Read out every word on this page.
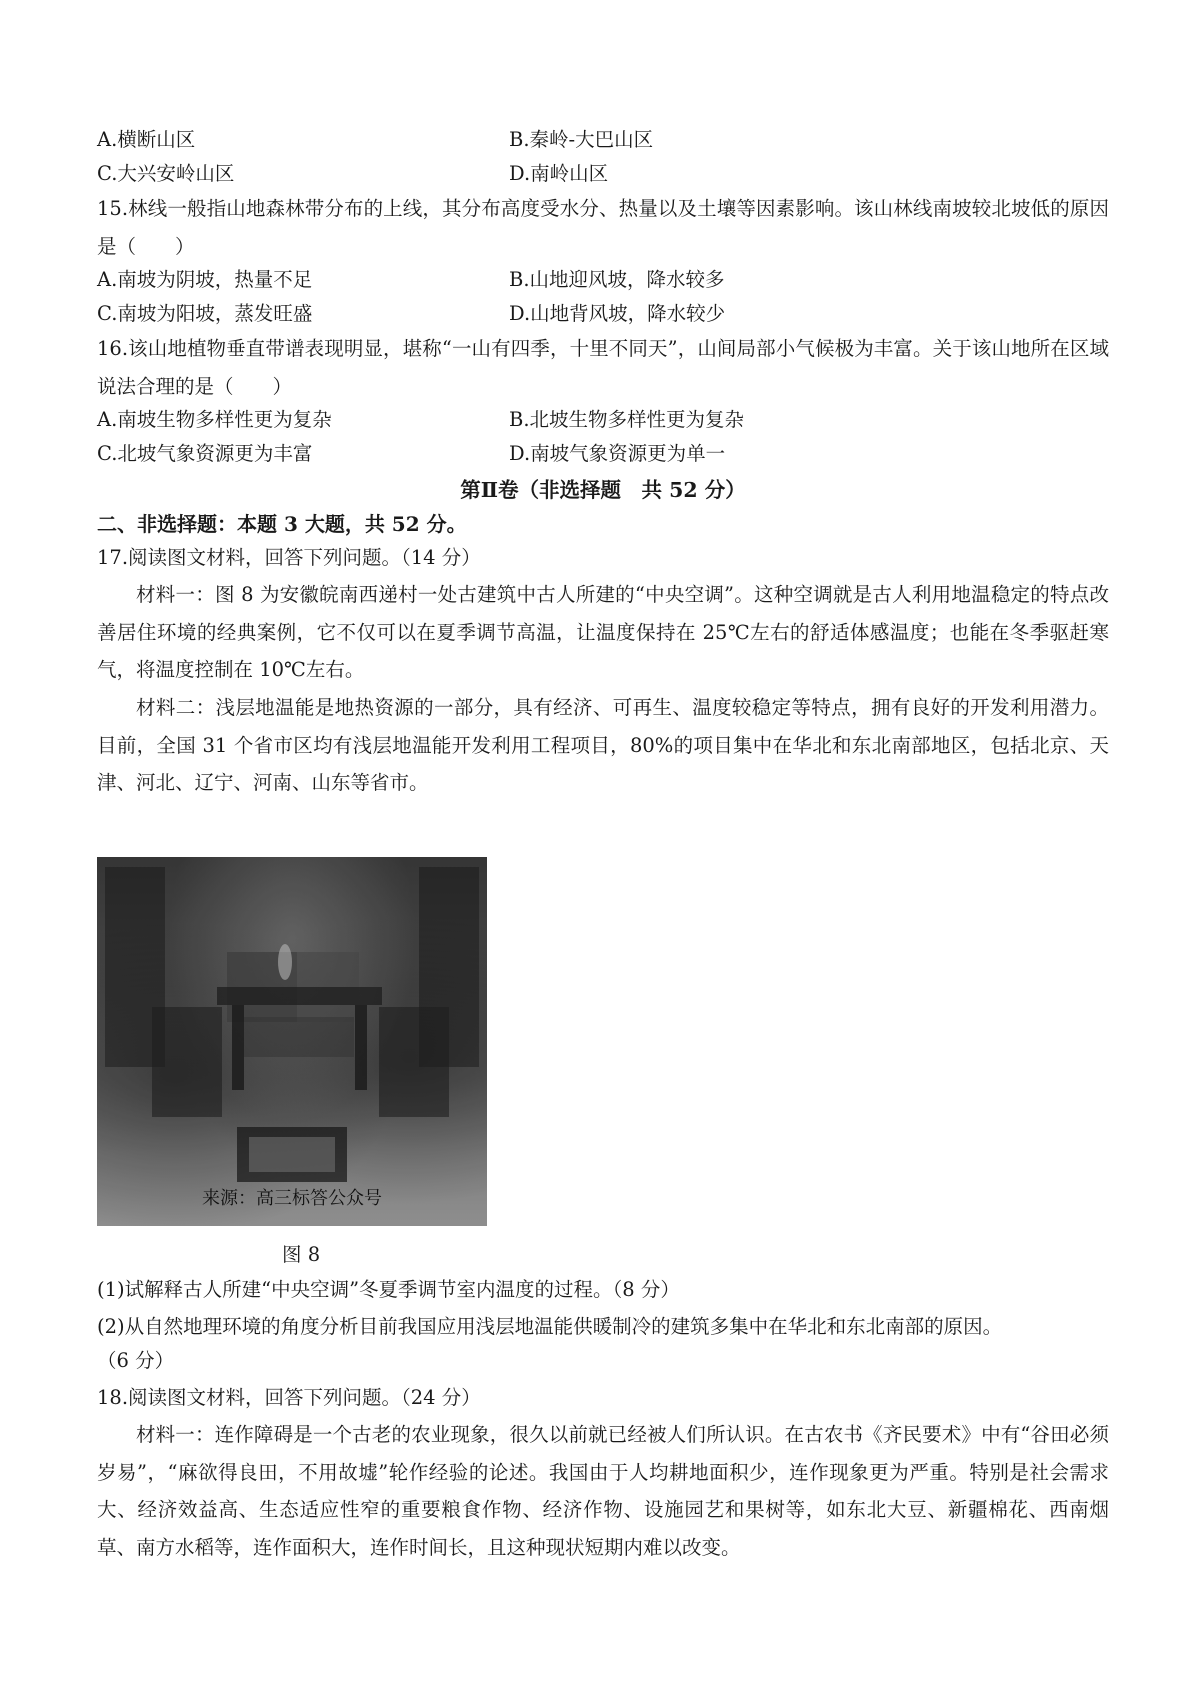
A.横断山区	B.秦岭-大巴山区
C.大兴安岭山区	D.南岭山区
15.林线一般指山地森林带分布的上线，其分布高度受水分、热量以及土壤等因素影响。该山林线南坡较北坡低的原因是（　　）
A.南坡为阴坡，热量不足	B.山地迎风坡，降水较多
C.南坡为阳坡，蒸发旺盛	D.山地背风坡，降水较少
16.该山地植物垂直带谱表现明显，堪称“一山有四季，十里不同天”，山间局部小气候极为丰富。关于该山地所在区域说法合理的是（　　）
A.南坡生物多样性更为复杂	B.北坡生物多样性更为复杂
C.北坡气象资源更为丰富	D.南坡气象资源更为单一
第Ⅱ卷（非选择题　共 52 分）
二、非选择题：本题 3 大题，共 52 分。
17.阅读图文材料，回答下列问题。（14 分）
材料一：图 8 为安徽皖南西递村一处古建筑中古人所建的“中央空调”。这种空调就是古人利用地温稳定的特点改善居住环境的经典案例，它不仅可以在夏季调节高温，让温度保持在 25℃左右的舒适体感温度；也能在冬季驱赶寒气，将温度控制在 10℃左右。
材料二：浅层地温能是地热资源的一部分，具有经济、可再生、温度较稳定等特点，拥有良好的开发利用潜力。目前，全国 31 个省市区均有浅层地温能开发利用工程项目，80%的项目集中在华北和东北南部地区，包括北京、天津、河北、辽宁、河南、山东等省市。
来源：高三标答公众号
图 8
(1)试解释古人所建“中央空调”冬夏季调节室内温度的过程。（8 分）
(2)从自然地理环境的角度分析目前我国应用浅层地温能供暖制冷的建筑多集中在华北和东北南部的原因。
（6 分）
18.阅读图文材料，回答下列问题。（24 分）
材料一：连作障碍是一个古老的农业现象，很久以前就已经被人们所认识。在古农书《齐民要术》中有“谷田必须岁易”，“麻欲得良田，不用故墟”轮作经验的论述。我国由于人均耕地面积少，连作现象更为严重。特别是社会需求大、经济效益高、生态适应性窄的重要粮食作物、经济作物、设施园艺和果树等，如东北大豆、新疆棉花、西南烟草、南方水稻等，连作面积大，连作时间长，且这种现状短期内难以改变。
